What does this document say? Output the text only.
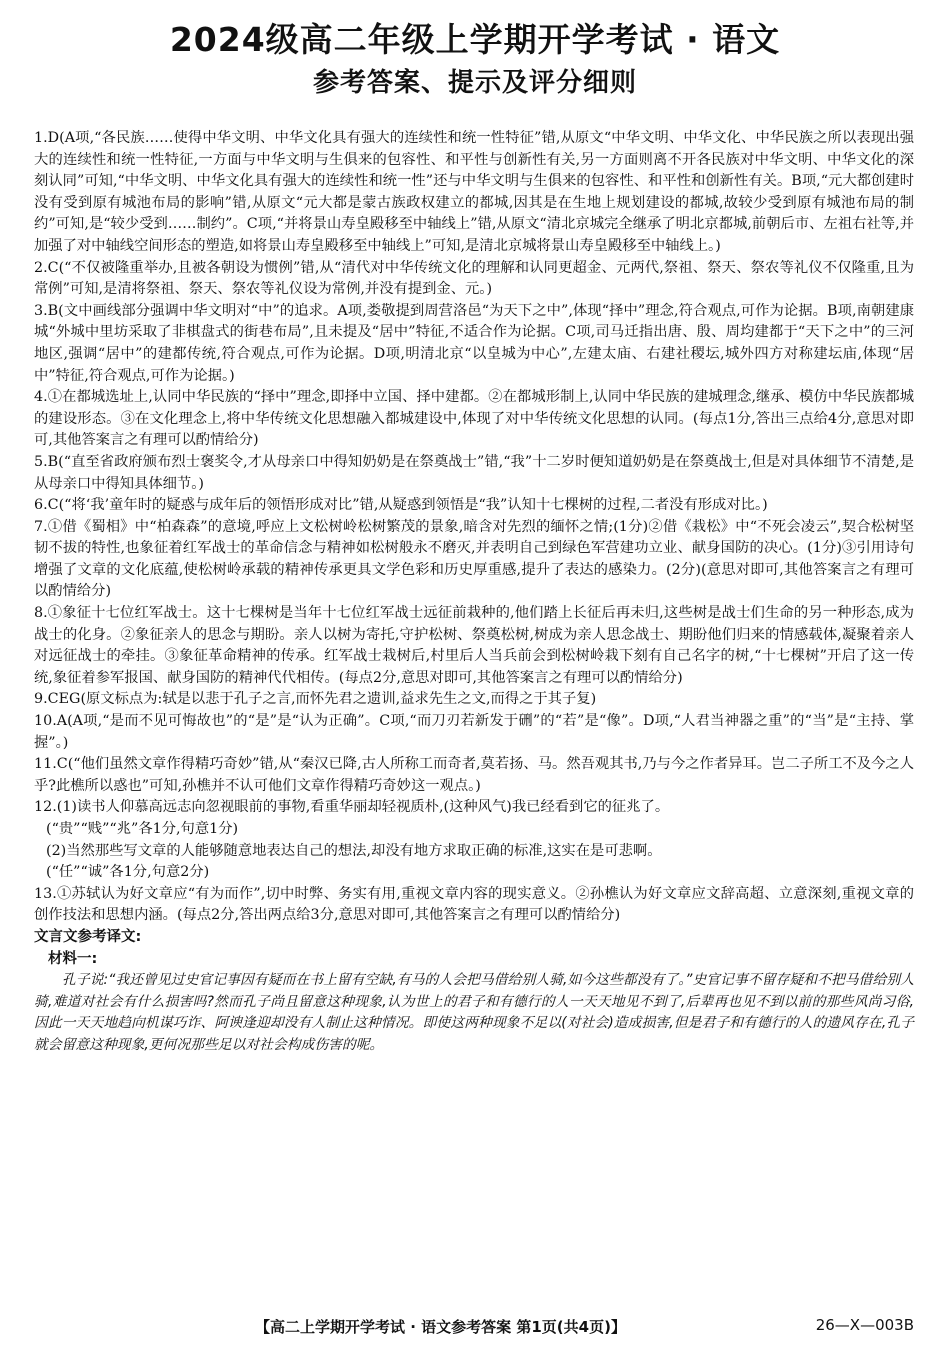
2024级高二年级上学期开学考试 · 语文
参考答案、提示及评分细则

1.D(A项,“各民族……使得中华文明、中华文化具有强大的连续性和统一性特征”错,从原文“中华文明、中华文化、中华民族之所以表现出强大的连续性和统一性特征,一方面与中华文明与生俱来的包容性、和平性与创新性有关,另一方面则离不开各民族对中华文明、中华文化的深刻认同”可知,“中华文明、中华文化具有强大的连续性和统一性”还与中华文明与生俱来的包容性、和平性和创新性有关。B项,“元大都创建时没有受到原有城池布局的影响”错,从原文“元大都是蒙古族政权建立的都城,因其是在生地上规划建设的都城,故较少受到原有城池布局的制约”可知,是“较少受到……制约”。C项,“并将景山寿皇殿移至中轴线上”错,从原文“清北京城完全继承了明北京都城,前朝后市、左祖右社等,并加强了对中轴线空间形态的塑造,如将景山寿皇殿移至中轴线上”可知,是清北京城将景山寿皇殿移至中轴线上。)

2.C(“不仅被隆重举办,且被各朝设为惯例”错,从“清代对中华传统文化的理解和认同更超金、元两代,祭祖、祭天、祭农等礼仪不仅隆重,且为常例”可知,是清将祭祖、祭天、祭农等礼仪设为常例,并没有提到金、元。)

3.B(文中画线部分强调中华文明对“中”的追求。A项,娄敬提到周营洛邑“为天下之中”,体现“择中”理念,符合观点,可作为论据。B项,南朝建康城“外城中里坊采取了非棋盘式的街巷布局”,且未提及“居中”特征,不适合作为论据。C项,司马迁指出唐、殷、周均建都于“天下之中”的三河地区,强调“居中”的建都传统,符合观点,可作为论据。D项,明清北京“以皇城为中心”,左建太庙、右建社稷坛,城外四方对称建坛庙,体现“居中”特征,符合观点,可作为论据。)

4.①在都城选址上,认同中华民族的“择中”理念,即择中立国、择中建都。②在都城形制上,认同中华民族的建城理念,继承、模仿中华民族都城的建设形态。③在文化理念上,将中华传统文化思想融入都城建设中,体现了对中华传统文化思想的认同。(每点1分,答出三点给4分,意思对即可,其他答案言之有理可以酌情给分)

5.B(“直至省政府颁布烈士褒奖令,才从母亲口中得知奶奶是在祭奠战士”错,“我”十二岁时便知道奶奶是在祭奠战士,但是对具体细节不清楚,是从母亲口中得知具体细节。)

6.C(“将‘我’童年时的疑惑与成年后的领悟形成对比”错,从疑惑到领悟是“我”认知十七棵树的过程,二者没有形成对比。)

7.①借《蜀相》中“柏森森”的意境,呼应上文松树岭松树繁茂的景象,暗含对先烈的缅怀之情;(1分)②借《栽松》中“不死会凌云”,契合松树坚韧不拔的特性,也象征着红军战士的革命信念与精神如松树般永不磨灭,并表明自己到绿色军营建功立业、献身国防的决心。(1分)③引用诗句增强了文章的文化底蕴,使松树岭承载的精神传承更具文学色彩和历史厚重感,提升了表达的感染力。(2分)(意思对即可,其他答案言之有理可以酌情给分)

8.①象征十七位红军战士。这十七棵树是当年十七位红军战士远征前栽种的,他们踏上长征后再未归,这些树是战士们生命的另一种形态,成为战士的化身。②象征亲人的思念与期盼。亲人以树为寄托,守护松树、祭奠松树,树成为亲人思念战士、期盼他们归来的情感载体,凝聚着亲人对远征战士的牵挂。③象征革命精神的传承。红军战士栽树后,村里后人当兵前会到松树岭栽下刻有自己名字的树,“十七棵树”开启了这一传统,象征着参军报国、献身国防的精神代代相传。(每点2分,意思对即可,其他答案言之有理可以酌情给分)

9.CEG(原文标点为:轼是以悲于孔子之言,而怀先君之遗训,益求先生之文,而得之于其子复)

10.A(A项,“是而不见可悔故也”的“是”是“认为正确”。C项,“而刀刃若新发于硎”的“若”是“像”。D项,“人君当神器之重”的“当”是“主持、掌握”。)

11.C(“他们虽然文章作得精巧奇妙”错,从“秦汉已降,古人所称工而奇者,莫若扬、马。然吾观其书,乃与今之作者异耳。岂二子所工不及今之人乎?此樵所以惑也”可知,孙樵并不认可他们文章作得精巧奇妙这一观点。)

12.(1)读书人仰慕高远志向忽视眼前的事物,看重华丽却轻视质朴,(这种风气)我已经看到它的征兆了。

(“贵”“贱”“兆”各1分,句意1分)

(2)当然那些写文章的人能够随意地表达自己的想法,却没有地方求取正确的标准,这实在是可悲啊。

(“任”“诚”各1分,句意2分)

13.①苏轼认为好文章应“有为而作”,切中时弊、务实有用,重视文章内容的现实意义。②孙樵认为好文章应文辞高超、立意深刻,重视文章的创作技法和思想内涵。(每点2分,答出两点给3分,意思对即可,其他答案言之有理可以酌情给分)

文言文参考译文:

材料一:

孔子说:“我还曾见过史官记事因有疑而在书上留有空缺,有马的人会把马借给别人骑,如今这些都没有了。”史官记事不留存疑和不把马借给别人骑,难道对社会有什么损害吗?然而孔子尚且留意这种现象,认为世上的君子和有德行的人一天天地见不到了,后辈再也见不到以前的那些风尚习俗,因此一天天地趋向机谋巧诈、阿谀逢迎却没有人制止这种情况。即使这两种现象不足以(对社会)造成损害,但是君子和有德行的人的遗风存在,孔子就会留意这种现象,更何况那些足以对社会构成伤害的呢。

【高二上学期开学考试 · 语文参考答案 第1页(共4页)】	26—X—003B
